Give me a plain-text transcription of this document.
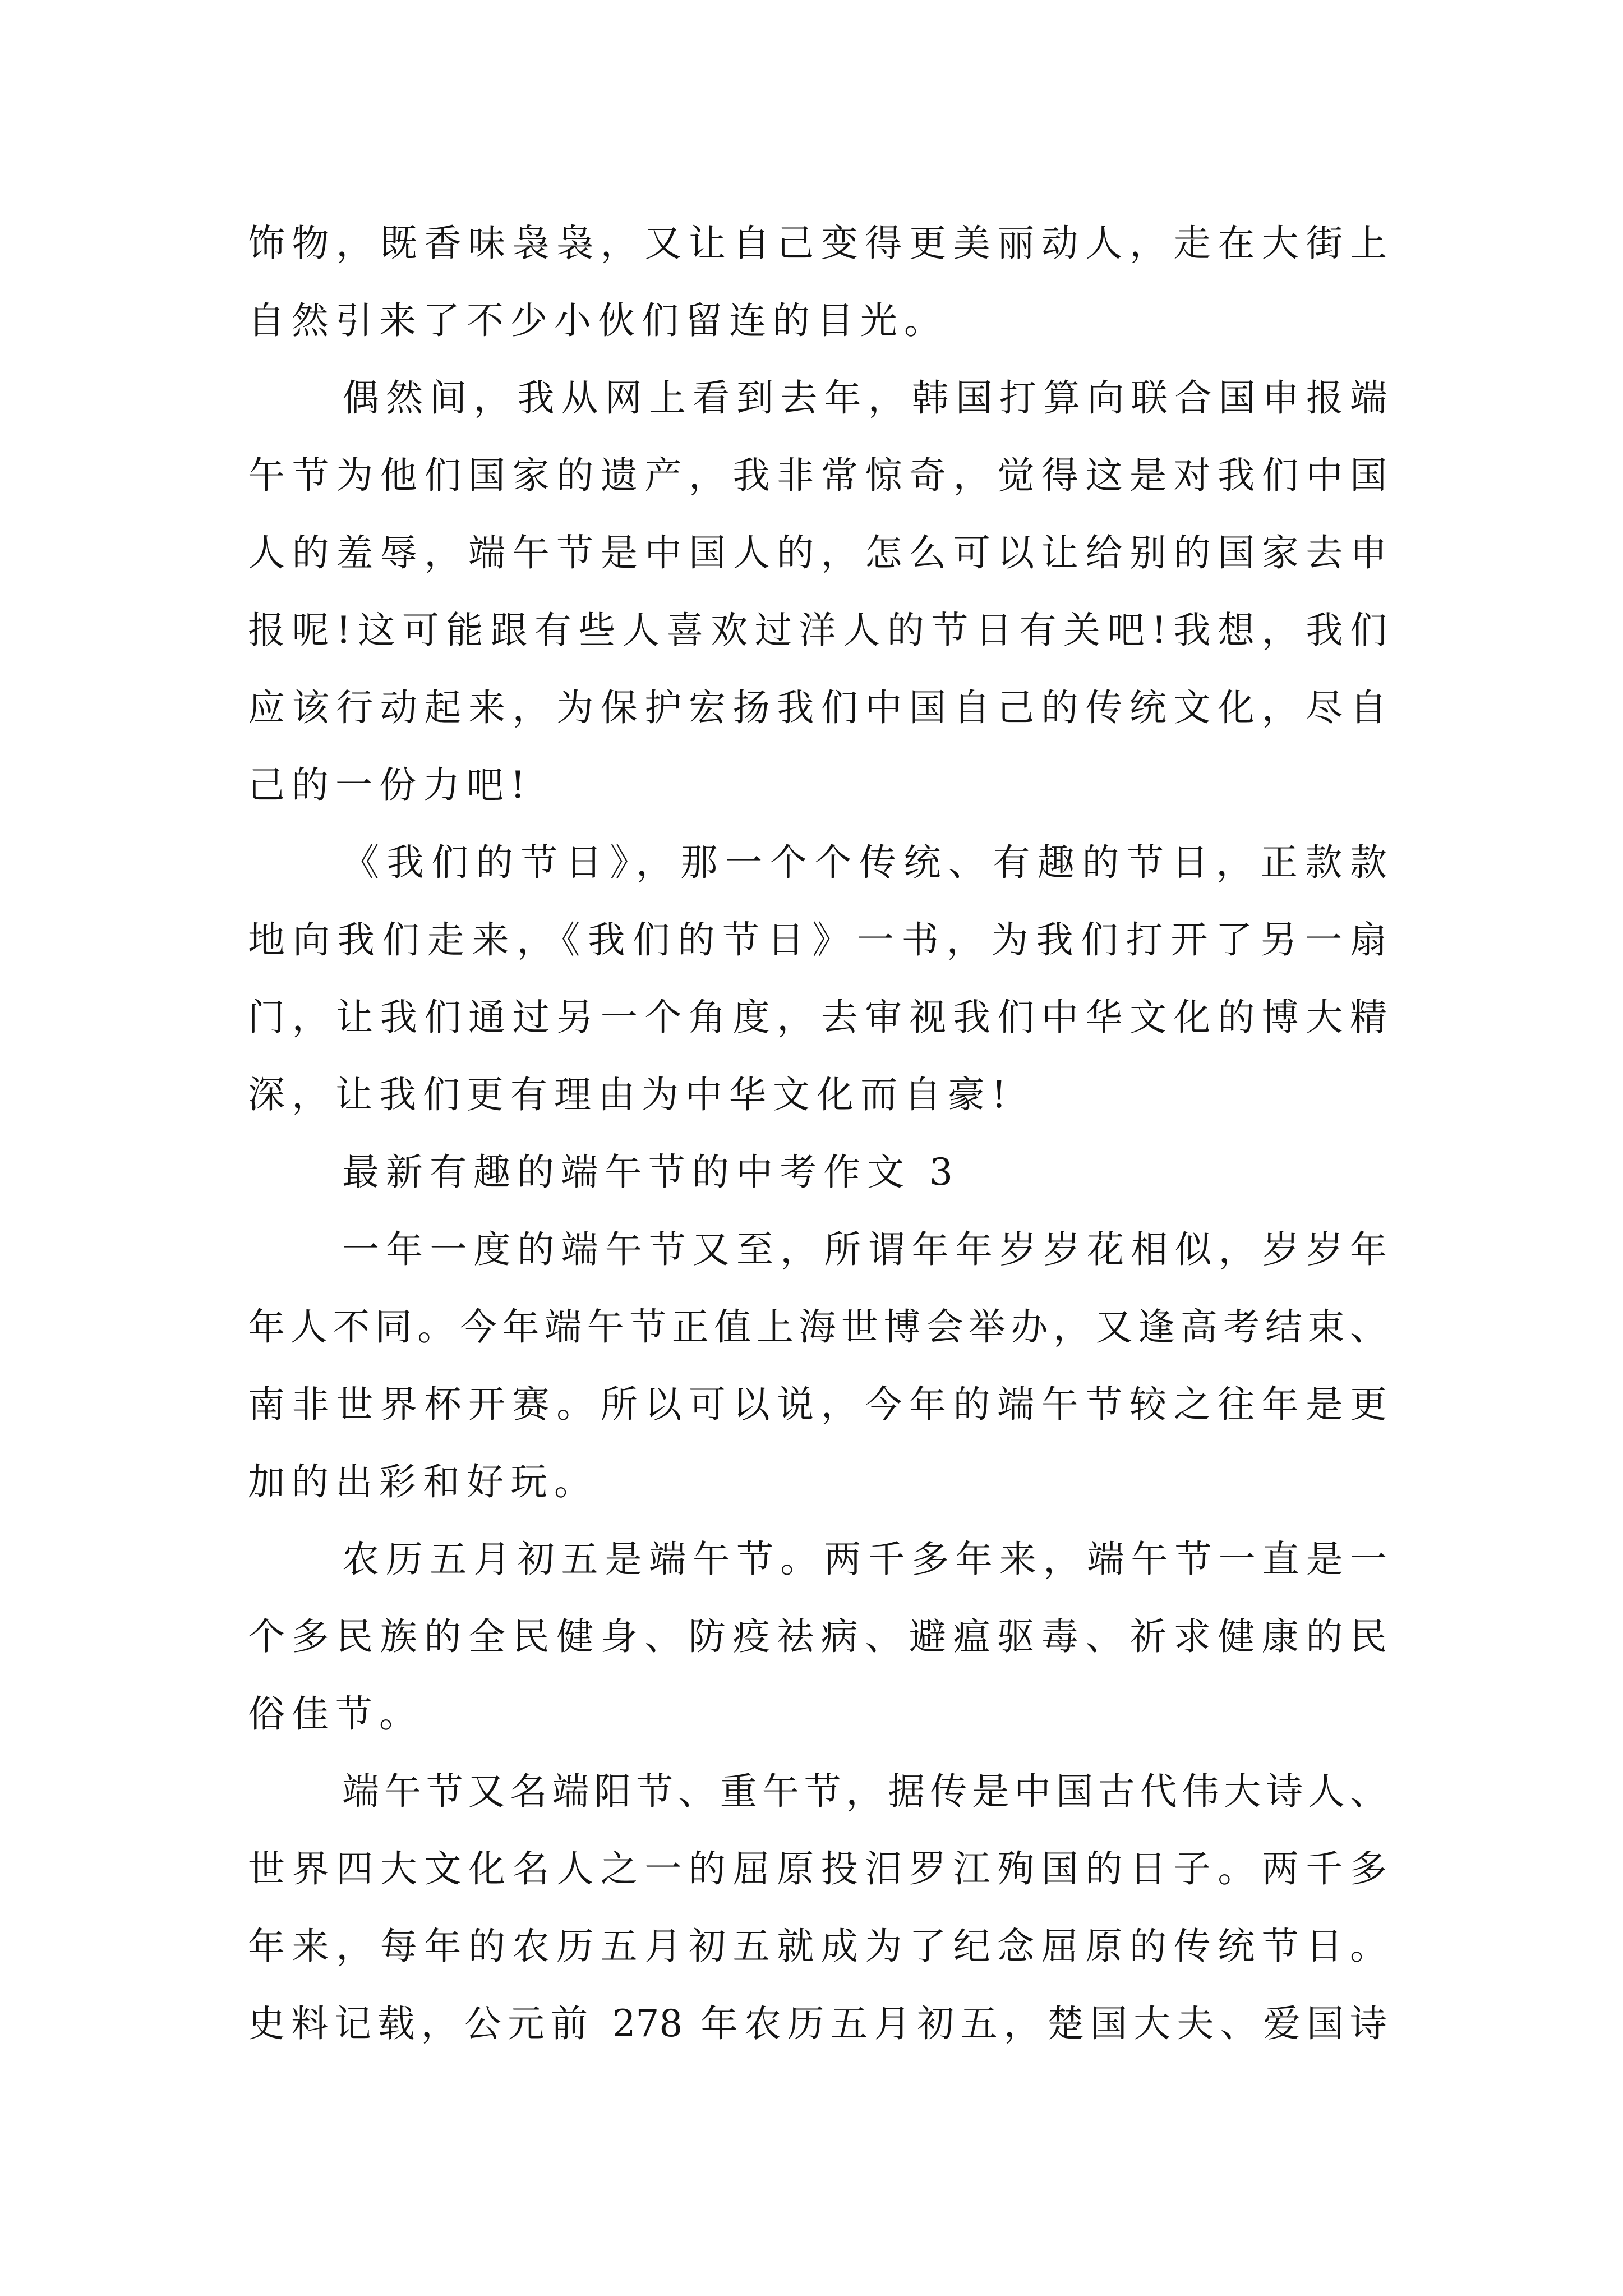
饰物，既香味袅袅，又让自己变得更美丽动人，走在大街上
自然引来了不少小伙们留连的目光。
偶然间，我从网上看到去年，韩国打算向联合国申报端
午节为他们国家的遗产，我非常惊奇，觉得这是对我们中国
人的羞辱，端午节是中国人的，怎么可以让给别的国家去申
报呢!这可能跟有些人喜欢过洋人的节日有关吧!我想，我们
应该行动起来，为保护宏扬我们中国自己的传统文化，尽自
己的一份力吧!
《我们的节日》，那一个个传统、有趣的节日，正款款
地向我们走来，《我们的节日》一书，为我们打开了另一扇
门，让我们通过另一个角度，去审视我们中华文化的博大精
深，让我们更有理由为中华文化而自豪!
最新有趣的端午节的中考作文 3
一年一度的端午节又至，所谓年年岁岁花相似，岁岁年
年人不同。今年端午节正值上海世博会举办，又逢高考结束、
南非世界杯开赛。所以可以说，今年的端午节较之往年是更
加的出彩和好玩。
农历五月初五是端午节。两千多年来，端午节一直是一
个多民族的全民健身、防疫祛病、避瘟驱毒、祈求健康的民
俗佳节。
端午节又名端阳节、重午节，据传是中国古代伟大诗人、
世界四大文化名人之一的屈原投汨罗江殉国的日子。两千多
年来，每年的农历五月初五就成为了纪念屈原的传统节日。
史料记载，公元前 278 年农历五月初五，楚国大夫、爱国诗
